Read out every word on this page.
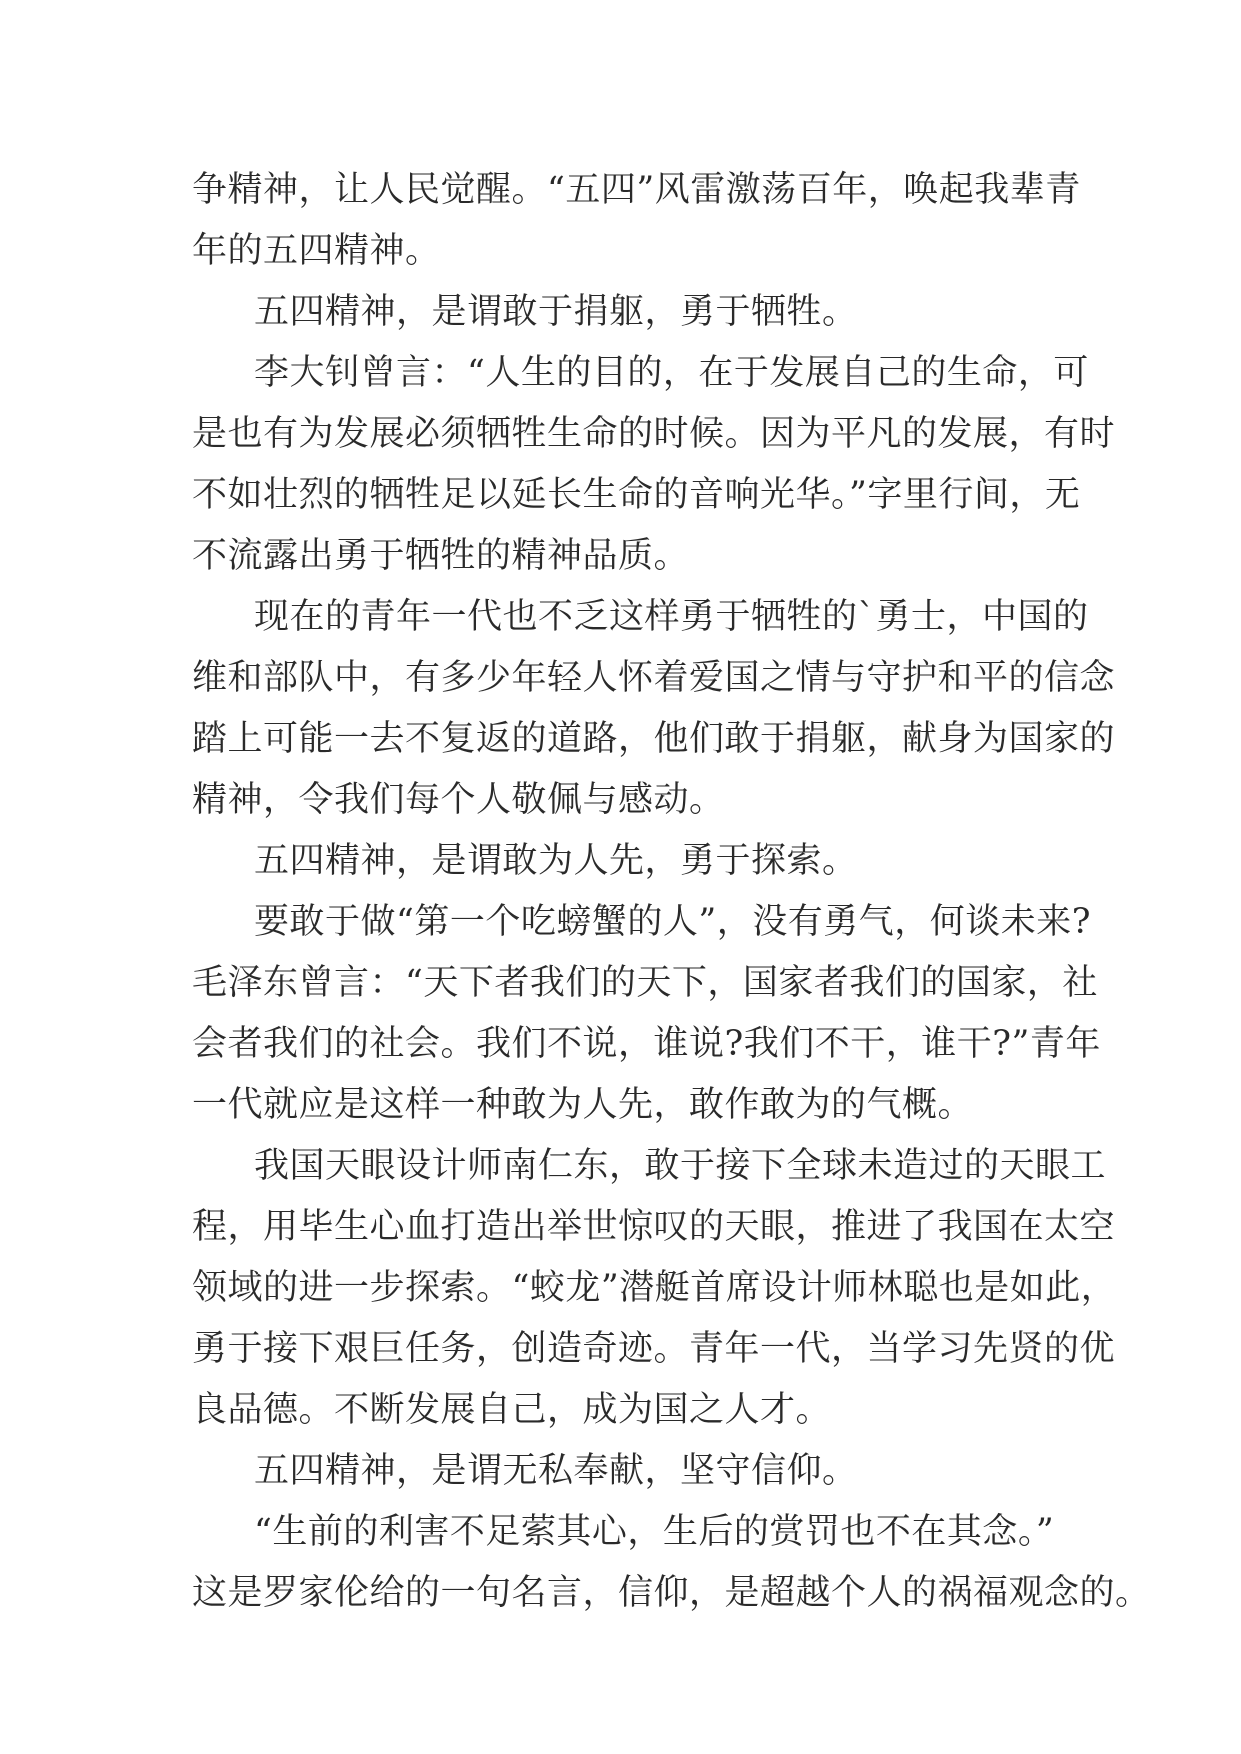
争精神，让人民觉醒。“五四”风雷激荡百年，唤起我辈青
年的五四精神。
五四精神，是谓敢于捐躯，勇于牺牲。
李大钊曾言：“人生的目的，在于发展自己的生命，可
是也有为发展必须牺牲生命的时候。因为平凡的发展，有时
不如壮烈的牺牲足以延长生命的音响光华。”字里行间，无
不流露出勇于牺牲的精神品质。
现在的青年一代也不乏这样勇于牺牲的`勇士，中国的
维和部队中，有多少年轻人怀着爱国之情与守护和平的信念
踏上可能一去不复返的道路，他们敢于捐躯，献身为国家的
精神，令我们每个人敬佩与感动。
五四精神，是谓敢为人先，勇于探索。
要敢于做“第一个吃螃蟹的人”，没有勇气，何谈未来?
毛泽东曾言：“天下者我们的天下，国家者我们的国家，社
会者我们的社会。我们不说，谁说?我们不干，谁干?”青年
一代就应是这样一种敢为人先，敢作敢为的气概。
我国天眼设计师南仁东，敢于接下全球未造过的天眼工
程，用毕生心血打造出举世惊叹的天眼，推进了我国在太空
领域的进一步探索。“蛟龙”潜艇首席设计师林聪也是如此，
勇于接下艰巨任务，创造奇迹。青年一代，当学习先贤的优
良品德。不断发展自己，成为国之人才。
五四精神，是谓无私奉献，坚守信仰。
“生前的利害不足萦其心，生后的赏罚也不在其念。”
这是罗家伦给的一句名言，信仰，是超越个人的祸福观念的。
